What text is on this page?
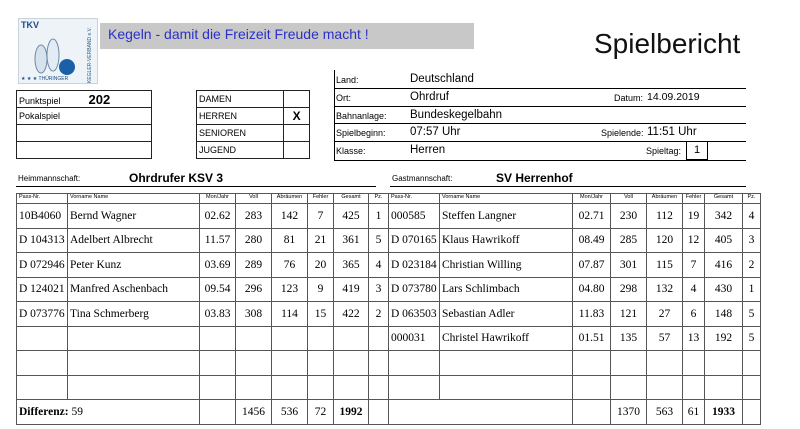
TKV
★ ★ ★ THÜRINGER	KEGLER-VERBAND e.V.	Kegeln - damit die Freizeit Freude macht !	Spielbericht
Punktspiel 202
Pokalspiel

DAMEN	
HERREN	X
SENIOREN	
JUGEND	
Land:	Deutschland
Ort:	Ohrdruf	Datum: 14.09.2019
Bahnanlage: Bundeskegelbahn
Spielbeginn: 07:57 Uhr	Spielende: 11:51 Uhr
Klasse:	Herren	Spieltag:	1
Heimmannschaft:	Ohrdrufer KSV 3	Gastmannschaft:	SV Herrenhof
Pass-Nr.	Vorname Name	Mon/Jahr	Voll	Abräumen	Fehler	Gesamt	Pz.
10B4060	Bernd Wagner	02.62	283	142	7	425	1
D 104313	Adelbert Albrecht	11.57	280	81	21	361	5
D 072946	Peter Kunz	03.69	289	76	20	365	4
D 124021	Manfred Aschenbach	09.54	296	123	9	419	3
D 073776	Tina Schmerberg	03.83	308	114	15	422	2

Differenz: 59			1456	536	72	1992	
Pass-Nr.	Vorname Name	Mon/Jahr	Voll	Abräumen	Fehler	Gesamt	Pz.
000585	Steffen Langner	02.71	230	112	19	342	4
D 070165	Klaus Hawrikoff	08.49	285	120	12	405	3
D 023184	Christian Willing	07.87	301	115	7	416	2
D 073780	Lars Schlimbach	04.80	298	132	4	430	1
D 063503	Sebastian Adler	11.83	121	27	6	148	5
000031	Christel Hawrikoff	01.51	135	57	13	192	5

			1370	563	61	1933	
